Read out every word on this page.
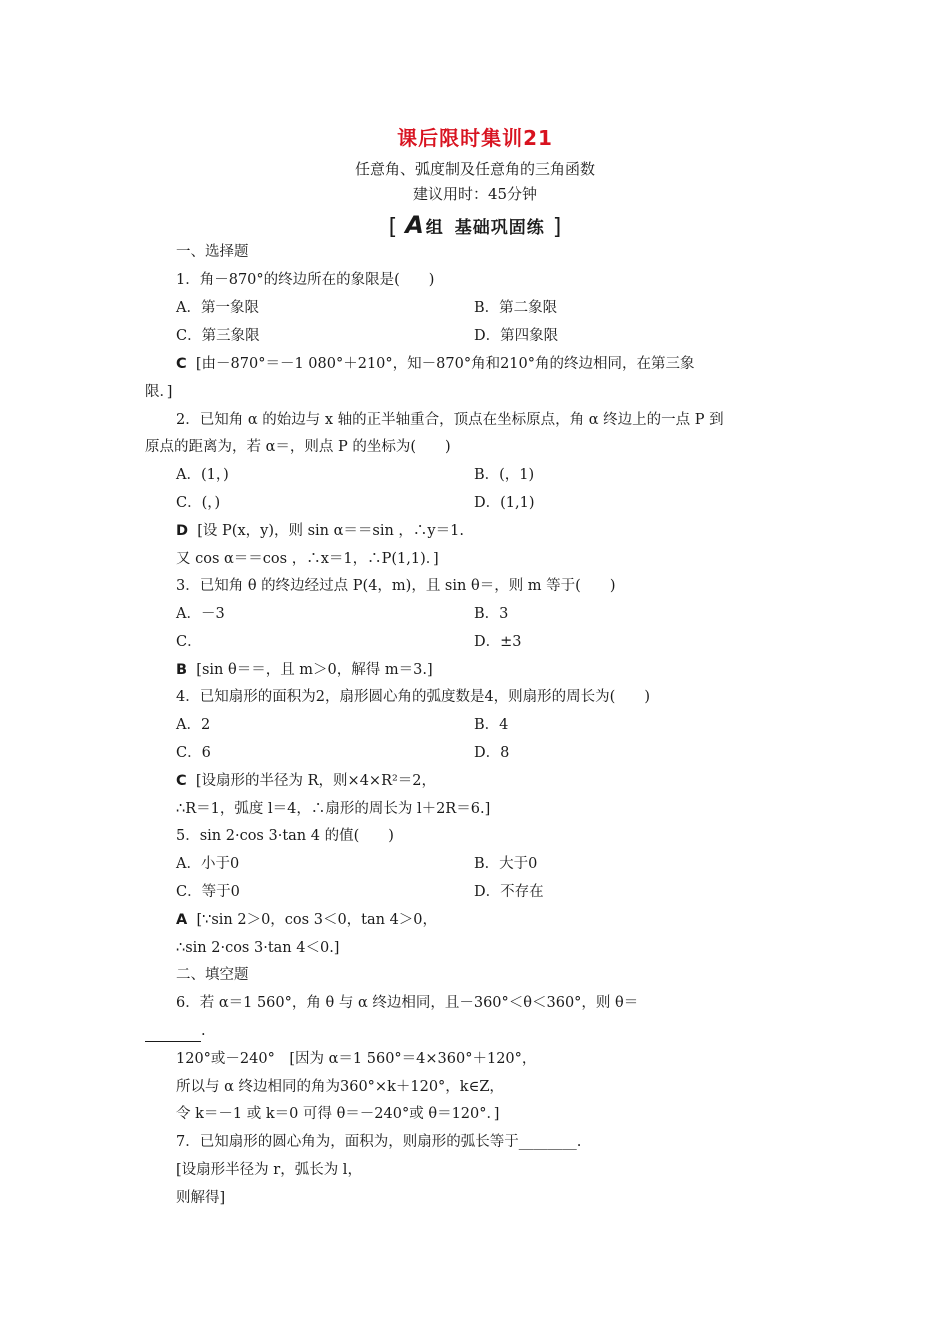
课后限时集训21
任意角、弧度制及任意角的三角函数
建议用时：45分钟
[ A 组 基础巩固练 ]
一、选择题
1．角－870°的终边所在的象限是(　　)
A．第一象限	B．第二象限
C．第三象限	D．第四象限
C [由－870°＝－1 080°＋210°，知－870°角和210°角的终边相同，在第三象
限．]
2．已知角 α 的始边与 x 轴的正半轴重合，顶点在坐标原点，角 α 终边上的一点 P 到
原点的距离为，若 α＝，则点 P 的坐标为(　　)
A．(1，)	B．(，1)
C．(，)	D．(1,1)
D [设 P(x，y)，则 sin α＝＝sin ，∴y＝1.
又 cos α＝＝cos ，∴x＝1，∴P(1,1)．]
3．已知角 θ 的终边经过点 P(4，m)，且 sin θ＝，则 m 等于(　　)
A．－3	B．3
C．	D．±3
B [sin θ＝＝，且 m＞0，解得 m＝3.]
4．已知扇形的面积为2，扇形圆心角的弧度数是4，则扇形的周长为(　　)
A．2	B．4
C．6	D．8
C [设扇形的半径为 R，则×4×R²＝2，
∴R＝1，弧度 l＝4，∴扇形的周长为 l＋2R＝6.]
5．sin 2·cos 3·tan 4 的值(　　)
A．小于0	B．大于0
C．等于0	D．不存在
A [∵sin 2＞0，cos 3＜0，tan 4＞0，
∴sin 2·cos 3·tan 4＜0.]
二、填空题
6．若 α＝1 560°，角 θ 与 α 终边相同，且－360°＜θ＜360°，则 θ＝
.
120°或－240°　[因为 α＝1 560°＝4×360°＋120°，
所以与 α 终边相同的角为360°×k＋120°，k∈Z，
令 k＝－1 或 k＝0 可得 θ＝－240°或 θ＝120°．]
7．已知扇形的圆心角为，面积为，则扇形的弧长等于________.
[设扇形半径为 r，弧长为 l，
则解得]
